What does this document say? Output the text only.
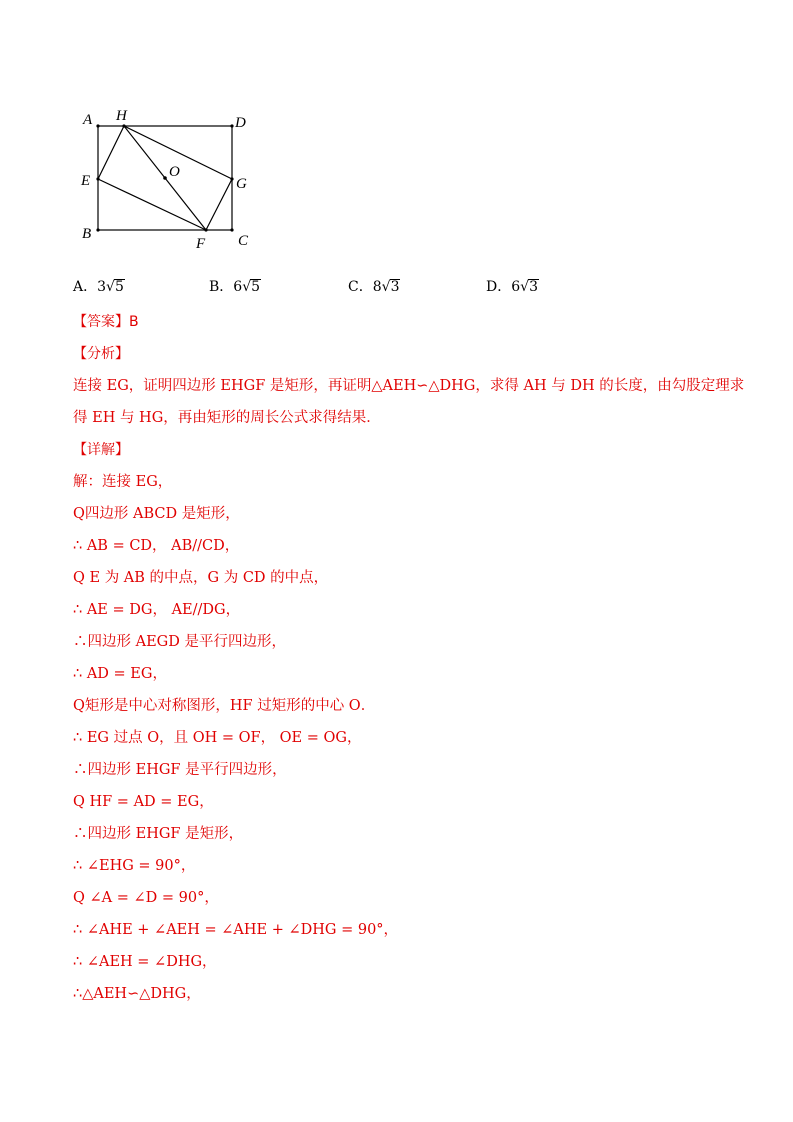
A H	D
E
O
G
B
F C
A．3√5	B．6√5	C．8√3	D．6√3
【答案】B
【分析】
连接 EG，证明四边形 EHGF 是矩形，再证明△AEH∽△DHG，求得 AH 与 DH 的长度，由勾股定理求
得 EH 与 HG，再由矩形的周长公式求得结果．
【详解】
解：连接 EG，
Q四边形 ABCD 是矩形，
∴ AB = CD， AB//CD，
Q E 为 AB 的中点，G 为 CD 的中点，
∴ AE = DG， AE//DG，
∴四边形 AEGD 是平行四边形，
∴ AD = EG，
Q矩形是中心对称图形，HF 过矩形的中心 O．
∴ EG 过点 O，且 OH = OF， OE = OG，
∴四边形 EHGF 是平行四边形，
Q HF = AD = EG，
∴四边形 EHGF 是矩形，
∴ ∠EHG = 90°，
Q ∠A = ∠D = 90°，
∴ ∠AHE + ∠AEH = ∠AHE + ∠DHG = 90°，
∴ ∠AEH = ∠DHG，
∴△AEH∽△DHG，
